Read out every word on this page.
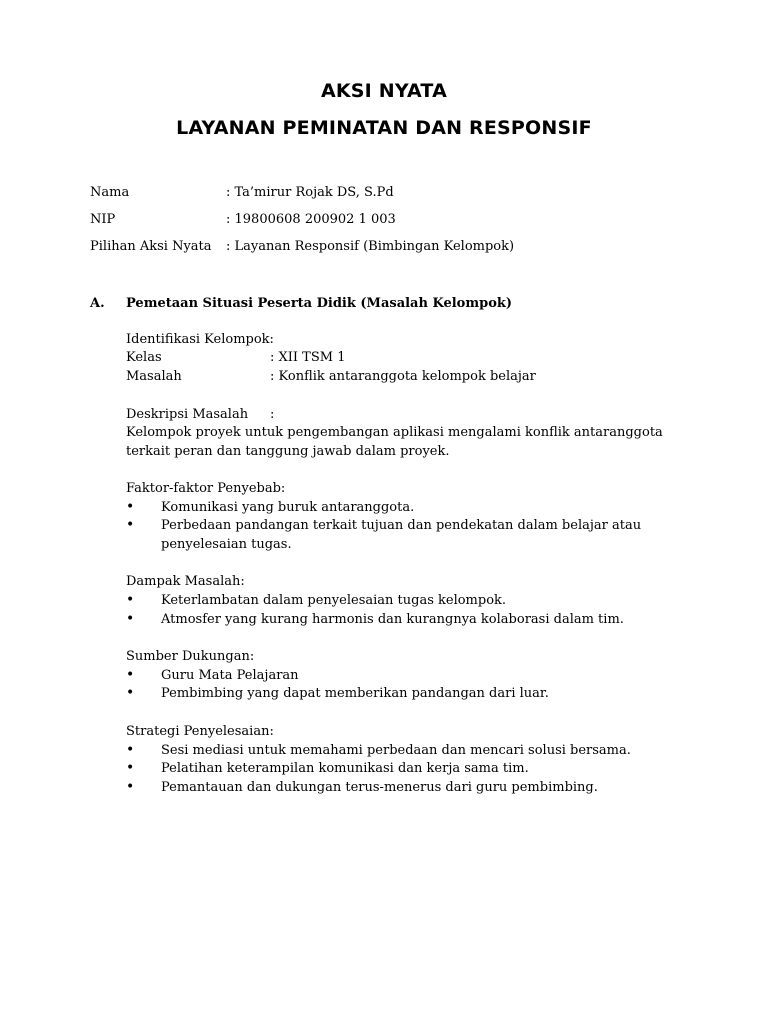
AKSI NYATA
LAYANAN PEMINATAN DAN RESPONSIF
Nama	: Ta’mirur Rojak DS, S.Pd
NIP	: 19800608 200902 1 003
Pilihan Aksi Nyata : Layanan Responsif (Bimbingan Kelompok)
A. Pemetaan Situasi Peserta Didik (Masalah Kelompok)
Identifikasi Kelompok:
Kelas	: XII TSM 1
Masalah	: Konflik antaranggota kelompok belajar
Deskripsi Masalah :
Kelompok proyek untuk pengembangan aplikasi mengalami konflik antaranggota
terkait peran dan tanggung jawab dalam proyek.
Faktor-faktor Penyebab:
• Komunikasi yang buruk antaranggota.
• Perbedaan pandangan terkait tujuan dan pendekatan dalam belajar atau
penyelesaian tugas.
Dampak Masalah:
• Keterlambatan dalam penyelesaian tugas kelompok.
• Atmosfer yang kurang harmonis dan kurangnya kolaborasi dalam tim.
Sumber Dukungan:
• Guru Mata Pelajaran
• Pembimbing yang dapat memberikan pandangan dari luar.
Strategi Penyelesaian:
• Sesi mediasi untuk memahami perbedaan dan mencari solusi bersama.
• Pelatihan keterampilan komunikasi dan kerja sama tim.
• Pemantauan dan dukungan terus-menerus dari guru pembimbing.
